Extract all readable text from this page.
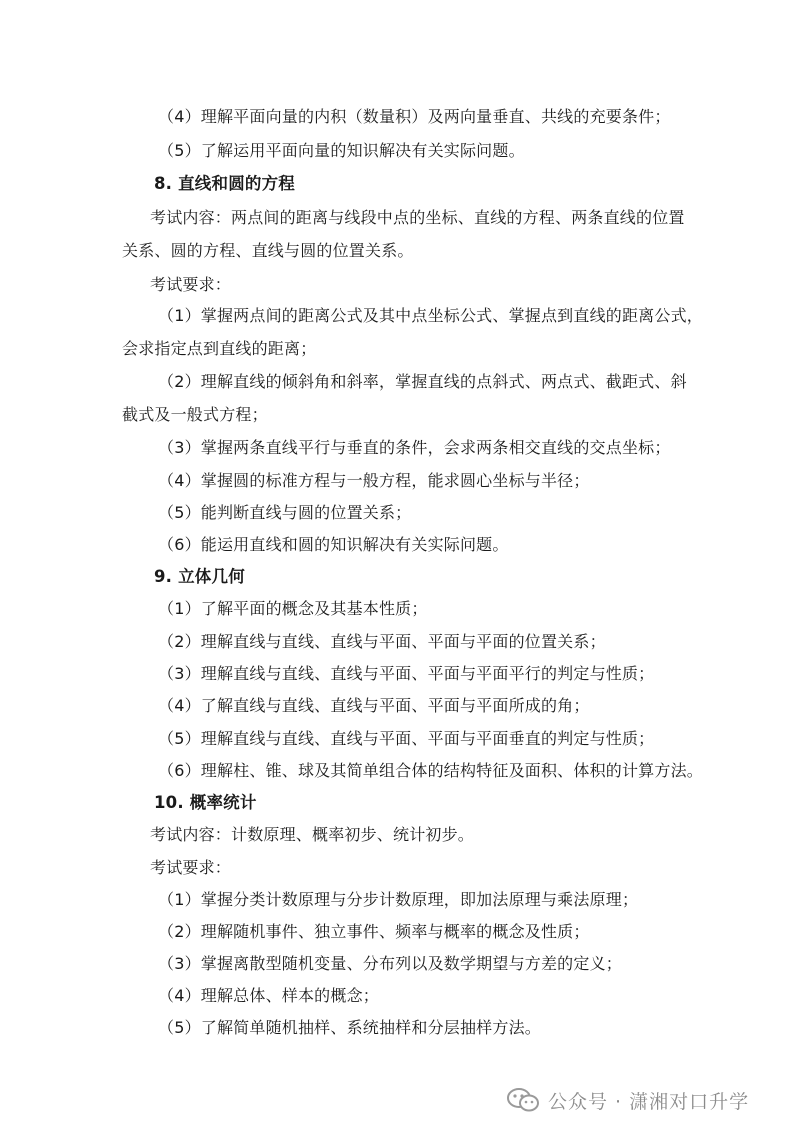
（4）理解平面向量的内积（数量积）及两向量垂直、共线的充要条件；
（5）了解运用平面向量的知识解决有关实际问题。
8. 直线和圆的方程
考试内容：两点间的距离与线段中点的坐标、直线的方程、两条直线的位置
关系、圆的方程、直线与圆的位置关系。
考试要求：
（1）掌握两点间的距离公式及其中点坐标公式、掌握点到直线的距离公式，
会求指定点到直线的距离；
（2）理解直线的倾斜角和斜率，掌握直线的点斜式、两点式、截距式、斜
截式及一般式方程；
（3）掌握两条直线平行与垂直的条件，会求两条相交直线的交点坐标；
（4）掌握圆的标准方程与一般方程，能求圆心坐标与半径；
（5）能判断直线与圆的位置关系；
（6）能运用直线和圆的知识解决有关实际问题。
9. 立体几何
（1）了解平面的概念及其基本性质；
（2）理解直线与直线、直线与平面、平面与平面的位置关系；
（3）理解直线与直线、直线与平面、平面与平面平行的判定与性质；
（4）了解直线与直线、直线与平面、平面与平面所成的角；
（5）理解直线与直线、直线与平面、平面与平面垂直的判定与性质；
（6）理解柱、锥、球及其简单组合体的结构特征及面积、体积的计算方法。
10. 概率统计
考试内容：计数原理、概率初步、统计初步。
考试要求：
（1）掌握分类计数原理与分步计数原理，即加法原理与乘法原理；
（2）理解随机事件、独立事件、频率与概率的概念及性质；
（3）掌握离散型随机变量、分布列以及数学期望与方差的定义；
（4）理解总体、样本的概念；
（5）了解简单随机抽样、系统抽样和分层抽样方法。
公众号 · 潇湘对口升学
